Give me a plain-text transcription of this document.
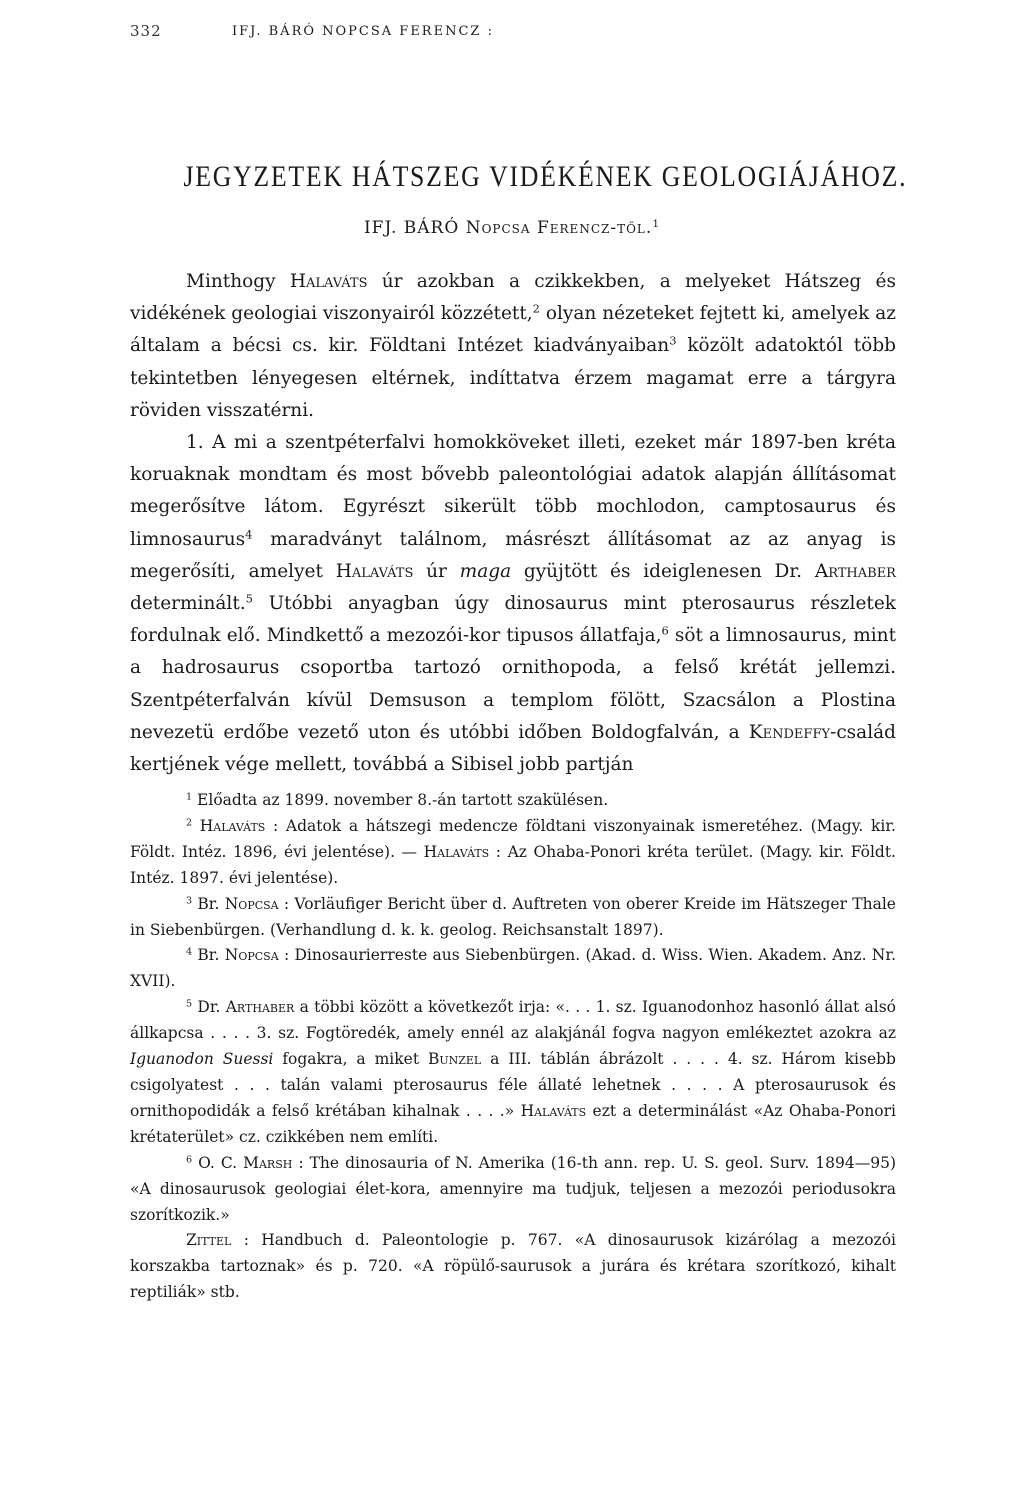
332	IFJ. BÁRÓ NOPCSA FERENCZ :
JEGYZETEK HÁTSZEG VIDÉKÉNEK GEOLOGIÁJÁHOZ.
IFJ. BÁRÓ Nopcsa Ferencz-től.$^1$

Minthogy Halaváts úr azokban a czikkekben, a melyeket Hátszeg és vidékének geologiai viszonyairól közzétett,$^2$ olyan nézeteket fejtett ki, amelyek az általam a bécsi cs. kir. Földtani Intézet kiadványaiban$^3$ közölt adatoktól több tekintetben lényegesen eltérnek, indíttatva érzem magamat erre a tárgyra röviden visszatérni.

1. A mi a szentpéterfalvi homokköveket illeti, ezeket már 1897-ben kréta koruaknak mondtam és most bővebb paleontológiai adatok alapján állításomat megerősítve látom. Egyrészt sikerült több mochlodon, camptosaurus és limnosaurus$^4$ maradványt találnom, másrészt állításomat az az anyag is megerősíti, amelyet Halaváts úr maga gyüjtött és ideiglenesen Dr. Arthaber determinált.$^5$ Utóbbi anyagban úgy dinosaurus mint pterosaurus részletek fordulnak elő. Mindkettő a mezozói-kor tipusos állatfaja,$^6$ söt a limnosaurus, mint a hadrosaurus csoportba tartozó ornithopoda, a felső krétát jellemzi. Szentpéterfalván kívül Demsuson a templom fölött, Szacsálon a Plostina nevezetü erdőbe vezető uton és utóbbi időben Boldogfalván, a Kendeffy-család kertjének vége mellett, továbbá a Sibisel jobb partján

$^1$ Előadta az 1899. november 8.-án tartott szakülésen.

$^2$ Halaváts : Adatok a hátszegi medencze földtani viszonyainak ismeretéhez. (Magy. kir. Földt. Intéz. 1896, évi jelentése). — Halaváts : Az Ohaba-Ponori kréta terület. (Magy. kir. Földt. Intéz. 1897. évi jelentése).

$^3$ Br. Nopcsa : Vorläufiger Bericht über d. Auftreten von oberer Kreide im Hätszeger Thale in Siebenbürgen. (Verhandlung d. k. k. geolog. Reichsanstalt 1897).

$^4$ Br. Nopcsa : Dinosaurierreste aus Siebenbürgen. (Akad. d. Wiss. Wien. Akadem. Anz. Nr. XVII).

$^5$ Dr. Arthaber a többi között a következőt irja: «. . . 1. sz. Iguanodonhoz hasonló állat alsó állkapcsa . . . . 3. sz. Fogtöredék, amely ennél az alakjánál fogva nagyon emlékeztet azokra az Iguanodon Suessi fogakra, a miket Bunzel a III. táblán ábrázolt . . . . 4. sz. Három kisebb csigolyatest . . . talán valami pterosaurus féle állaté lehetnek . . . . A pterosaurusok és ornithopodidák a felső krétában kihalnak . . . .» Halaváts ezt a determinálást «Az Ohaba-Ponori krétaterület» cz. czikkében nem említi.

$^6$ O. C. Marsh : The dinosauria of N. Amerika (16-th ann. rep. U. S. geol. Surv. 1894—95) «A dinosaurusok geologiai élet-kora, amennyire ma tudjuk, teljesen a mezozói periodusokra szorítkozik.»

Zittel : Handbuch d. Paleontologie p. 767. «A dinosaurusok kizárólag a mezozói korszakba tartoznak» és p. 720. «A röpülő-saurusok a jurára és krétara szorítkozó, kihalt reptiliák» stb.
